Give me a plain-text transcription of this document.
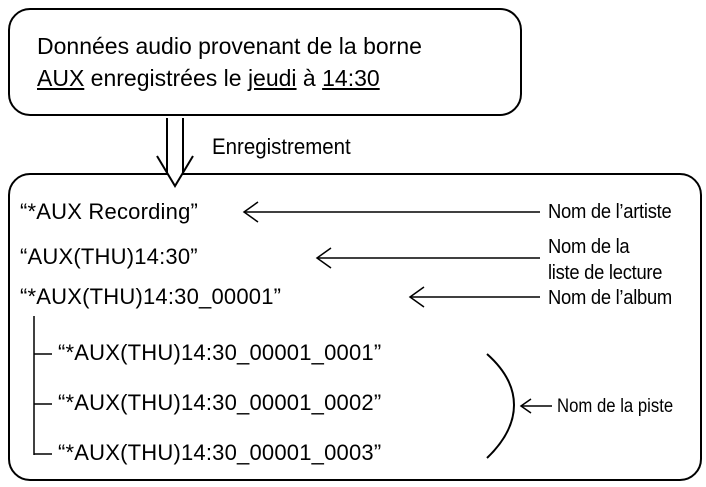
Données audio provenant de la borne
AUX enregistrées le jeudi à 14:30
Enregistrement
“*AUX Recording”
“AUX(THU)14:30”
“*AUX(THU)14:30_00001”
“*AUX(THU)14:30_00001_0001”
“*AUX(THU)14:30_00001_0002”
“*AUX(THU)14:30_00001_0003”
Nom de l’artiste
Nom de la
liste de lecture
Nom de l’album
Nom de la piste
